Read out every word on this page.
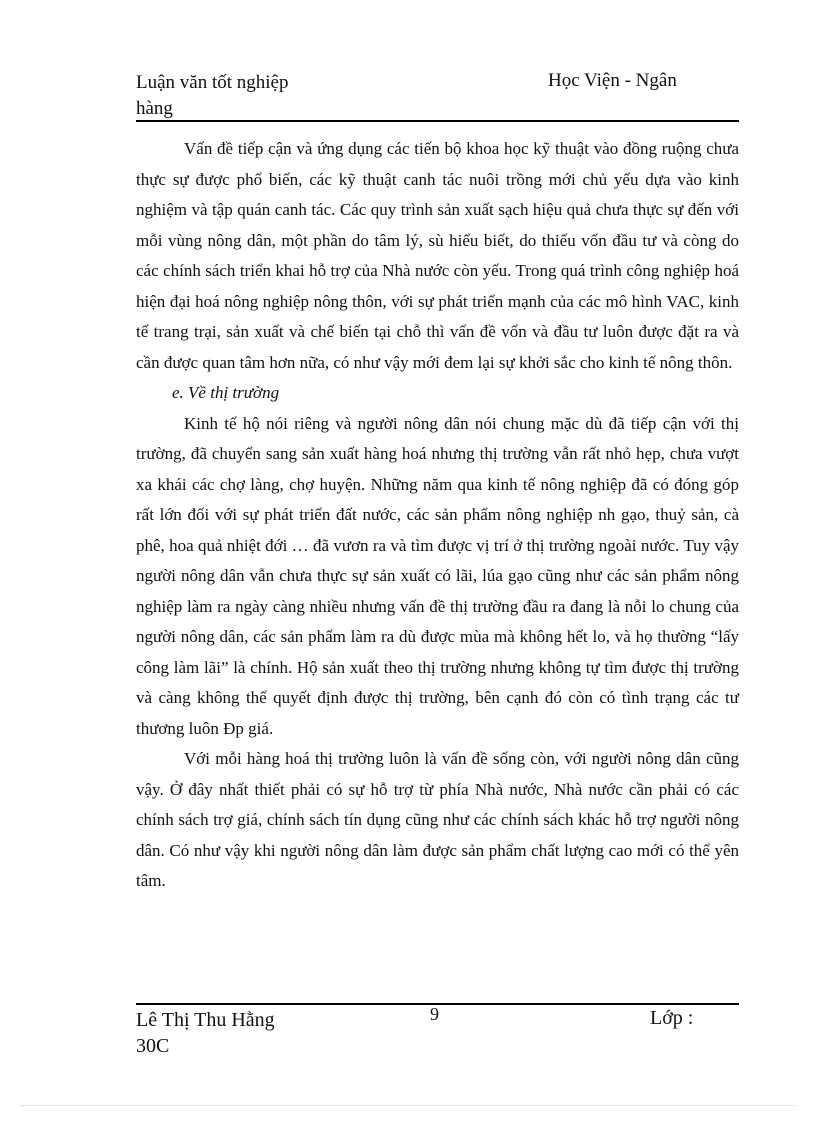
Luận văn tốt nghiệp
hàng
Học Viện - Ngân

Vấn đề tiếp cận và ứng dụng các tiến bộ khoa học kỹ thuật vào đồng ruộng chưa thực sự được phổ biến, các kỹ thuật canh tác nuôi trồng mới chủ yếu dựa vào kinh nghiệm và tập quán canh tác. Các quy trình sản xuất sạch hiệu quả chưa thực sự đến với mỗi vùng nông dân, một phần do tâm lý, sù hiểu biết, do thiếu vốn đầu tư và còng do các chính sách triển khai hỗ trợ của Nhà nước còn yếu. Trong quá trình công nghiệp hoá hiện đại hoá nông nghiệp nông thôn, với sự phát triển mạnh của các mô hình VAC, kinh tế trang trại, sản xuất và chế biến tại chỗ thì vấn đề vốn và đầu tư luôn được đặt ra và cần được quan tâm hơn nữa, có như vậy mới đem lại sự khởi sắc cho kinh tế nông thôn.

e. Về thị trường

Kinh tế hộ nói riêng và người nông dân nói chung mặc dù đã tiếp cận với thị trường, đã chuyển sang sản xuất hàng hoá nhưng thị trường vẫn rất nhỏ hẹp, chưa vượt xa khái các chợ làng, chợ huyện. Những năm qua kinh tế nông nghiệp đã có đóng góp rất lớn đối với sự phát triển đất nước, các sản phẩm nông nghiệp nh gạo, thuỷ sản, cà phê, hoa quả nhiệt đới … đã vươn ra và tìm được vị trí ở thị trường ngoài nước. Tuy vậy người nông dân vẫn chưa thực sự sản xuất có lãi, lúa gạo cũng như các sản phẩm nông nghiệp làm ra ngày càng nhiều nhưng vấn đề thị trường đầu ra đang là nỗi lo chung của người nông dân, các sản phẩm làm ra dù được mùa mà không hết lo, và họ thường “lấy công làm lãi” là chính. Hộ sản xuất theo thị trường nhưng không tự tìm được thị trường và càng không thể quyết định được thị trường, bên cạnh đó còn có tình trạng các tư thương luôn Ðp giá.

Với mỗi hàng hoá thị trường luôn là vấn đề sống còn, với người nông dân cũng vậy. Ở đây nhất thiết phải có sự hỗ trợ từ phía Nhà nước, Nhà nước cần phải có các chính sách trợ giá, chính sách tín dụng cũng như các chính sách khác hỗ trợ người nông dân. Có như vậy khi người nông dân làm được sản phẩm chất lượng cao mới có thể yên tâm.

Lê Thị Thu Hằng
30C
9	Lớp :
